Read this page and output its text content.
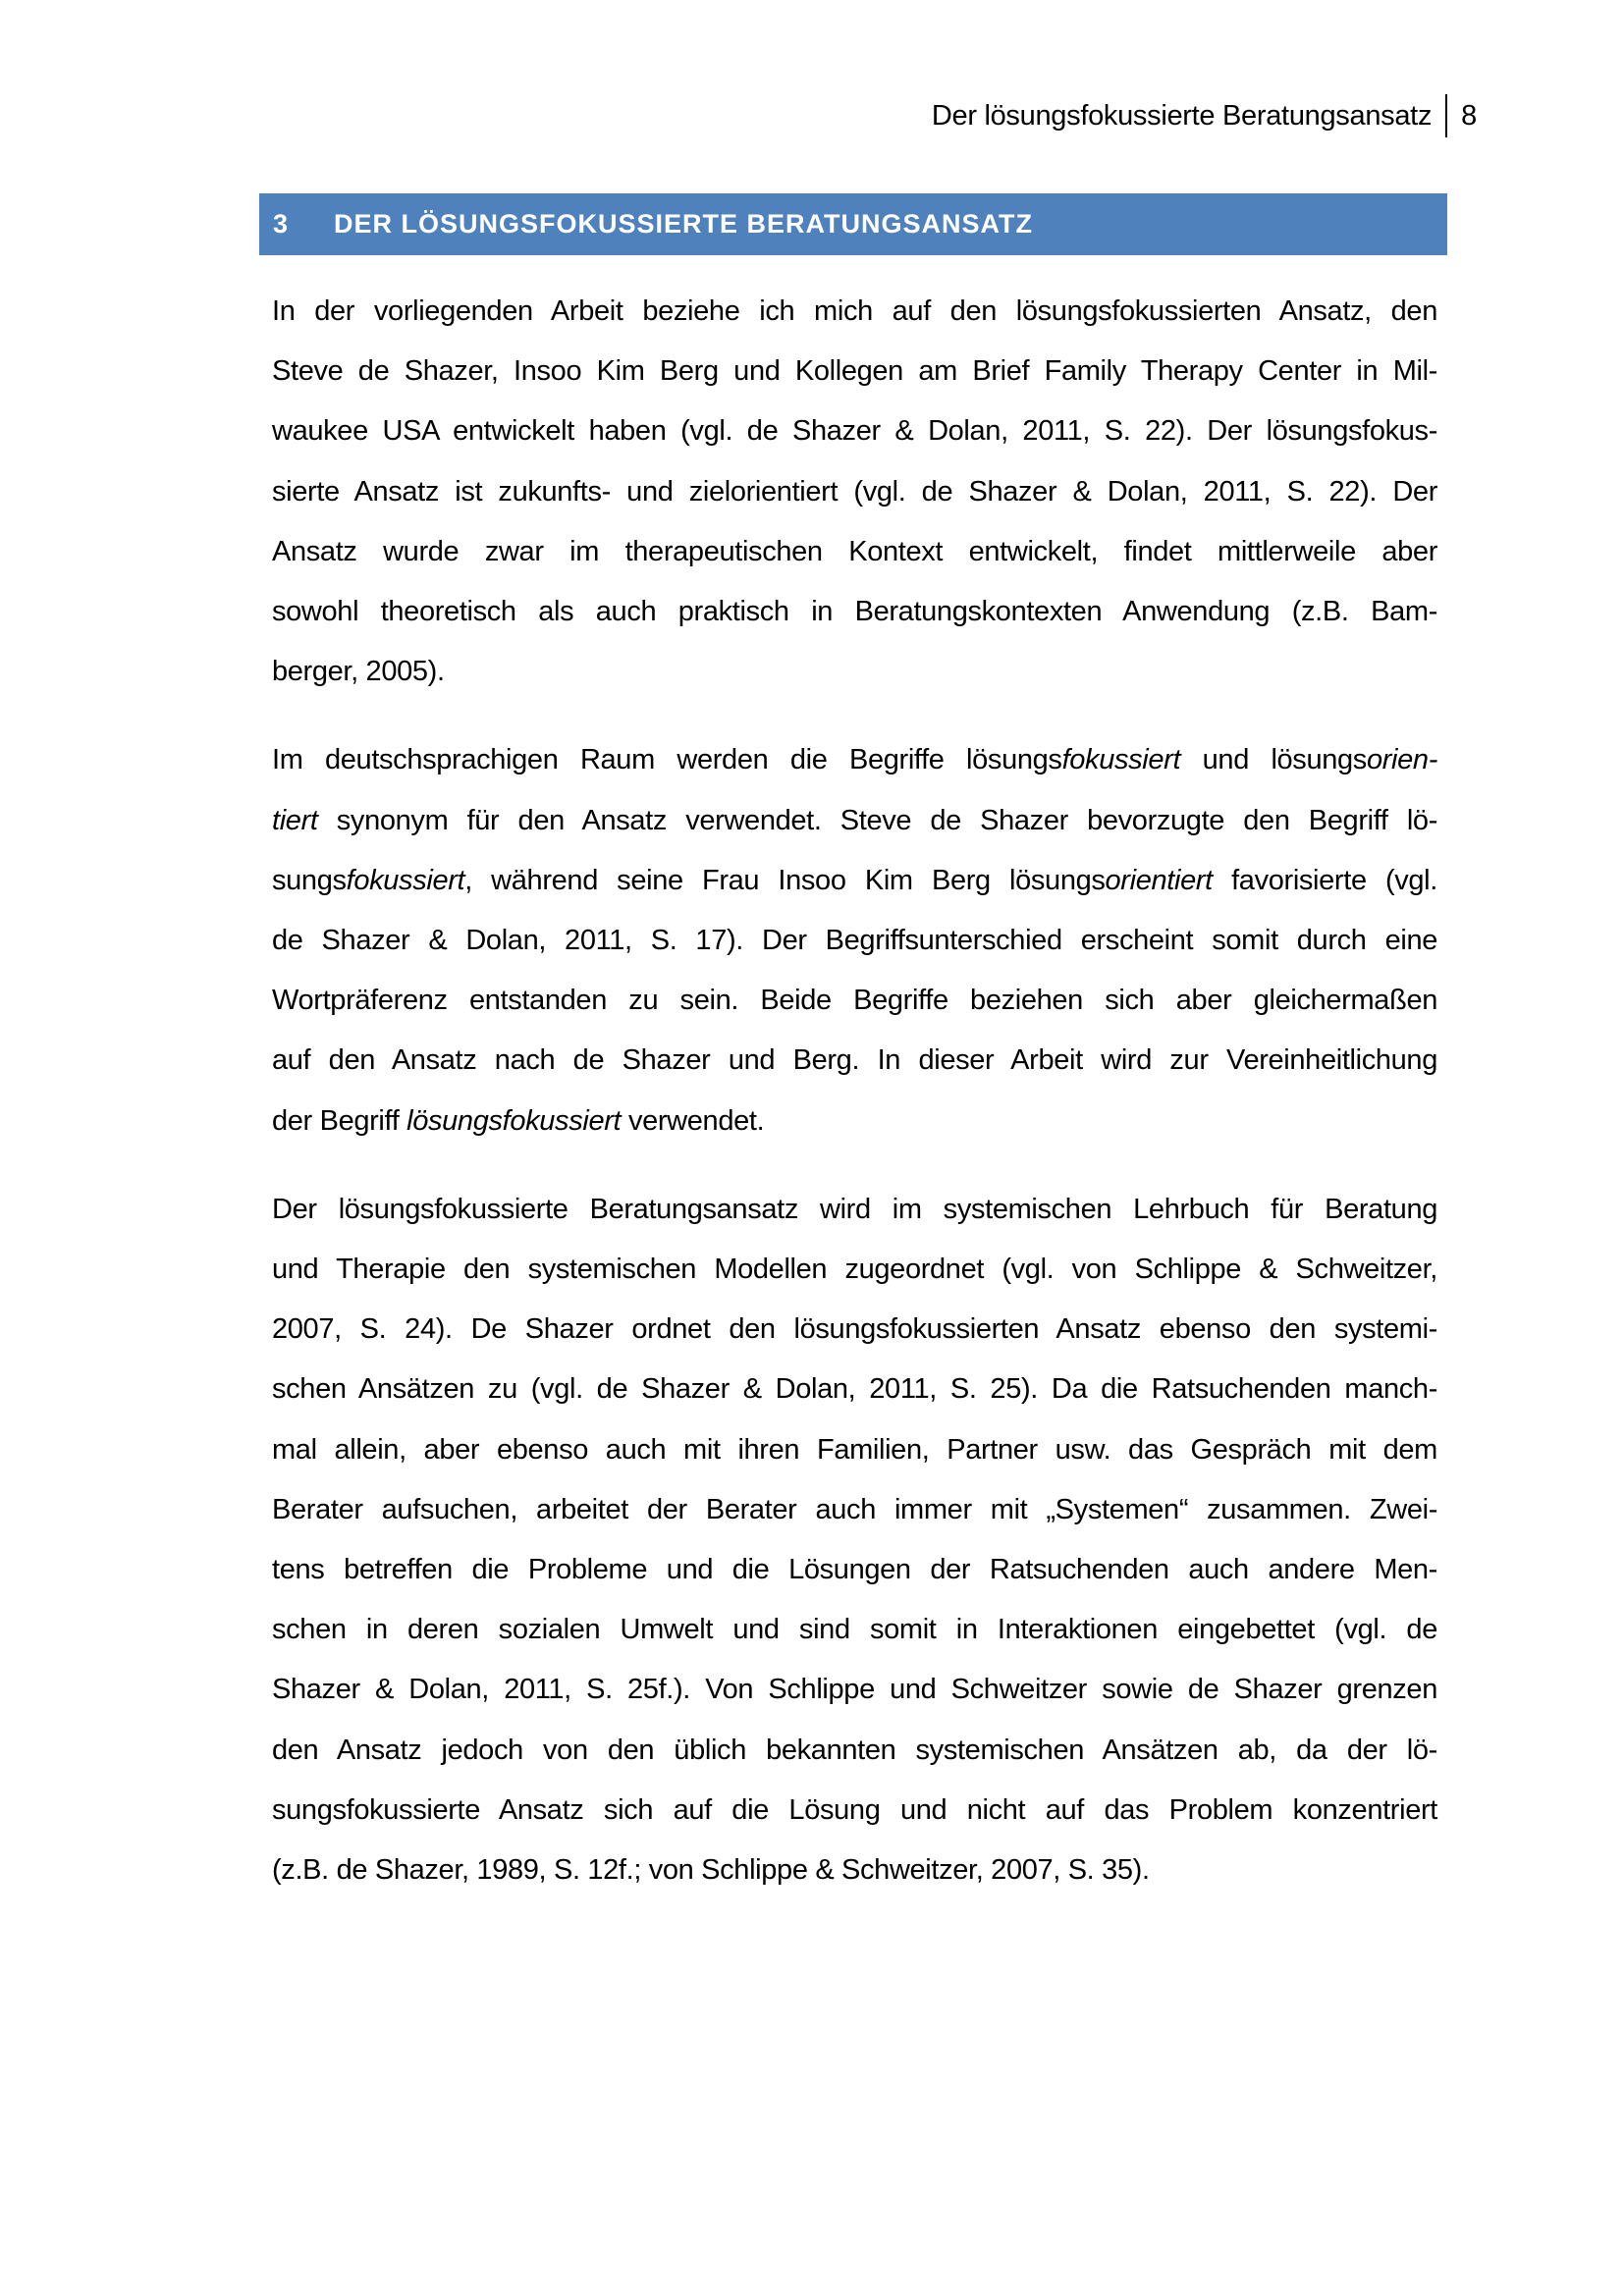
Der lösungsfokussierte Beratungsansatz 8
3	DER LÖSUNGSFOKUSSIERTE BERATUNGSANSATZ
In der vorliegenden Arbeit beziehe ich mich auf den lösungsfokussierten Ansatz, den
Steve de Shazer, Insoo Kim Berg und Kollegen am Brief Family Therapy Center in Mil-
waukee USA entwickelt haben (vgl. de Shazer & Dolan, 2011, S. 22). Der lösungsfokus-
sierte Ansatz ist zukunfts- und zielorientiert (vgl. de Shazer & Dolan, 2011, S. 22). Der
Ansatz wurde zwar im therapeutischen Kontext entwickelt, findet mittlerweile aber
sowohl theoretisch als auch praktisch in Beratungskontexten Anwendung (z.B. Bam-
berger, 2005).
Im deutschsprachigen Raum werden die Begriffe lösungsfokussiert und lösungsorien-
tiert synonym für den Ansatz verwendet. Steve de Shazer bevorzugte den Begriff lö-
sungsfokussiert, während seine Frau Insoo Kim Berg lösungsorientiert favorisierte (vgl.
de Shazer & Dolan, 2011, S. 17). Der Begriffsunterschied erscheint somit durch eine
Wortpräferenz entstanden zu sein. Beide Begriffe beziehen sich aber gleichermaßen
auf den Ansatz nach de Shazer und Berg. In dieser Arbeit wird zur Vereinheitlichung
der Begriff lösungsfokussiert verwendet.
Der lösungsfokussierte Beratungsansatz wird im systemischen Lehrbuch für Beratung
und Therapie den systemischen Modellen zugeordnet (vgl. von Schlippe & Schweitzer,
2007, S. 24). De Shazer ordnet den lösungsfokussierten Ansatz ebenso den systemi-
schen Ansätzen zu (vgl. de Shazer & Dolan, 2011, S. 25). Da die Ratsuchenden manch-
mal allein, aber ebenso auch mit ihren Familien, Partner usw. das Gespräch mit dem
Berater aufsuchen, arbeitet der Berater auch immer mit „Systemen“ zusammen. Zwei-
tens betreffen die Probleme und die Lösungen der Ratsuchenden auch andere Men-
schen in deren sozialen Umwelt und sind somit in Interaktionen eingebettet (vgl. de
Shazer & Dolan, 2011, S. 25f.). Von Schlippe und Schweitzer sowie de Shazer grenzen
den Ansatz jedoch von den üblich bekannten systemischen Ansätzen ab, da der lö-
sungsfokussierte Ansatz sich auf die Lösung und nicht auf das Problem konzentriert
(z.B. de Shazer, 1989, S. 12f.; von Schlippe & Schweitzer, 2007, S. 35).
